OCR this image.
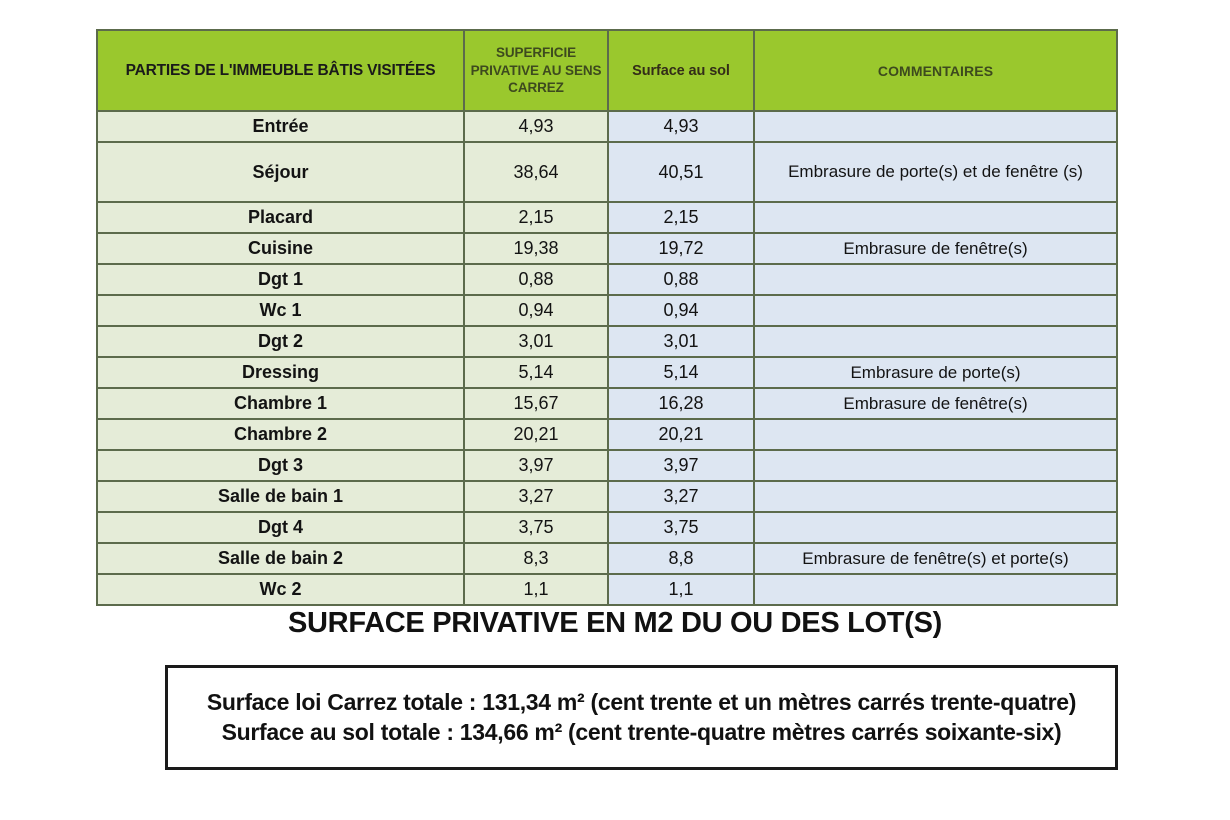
PARTIES DE L'IMMEUBLE BÂTIS VISITÉES	SUPERFICIE PRIVATIVE AU SENS CARREZ	Surface au sol	COMMENTAIRES
Entrée	4,93	4,93	
Séjour	38,64	40,51	Embrasure de porte(s) et de fenêtre (s)
Placard	2,15	2,15	
Cuisine	19,38	19,72	Embrasure de fenêtre(s)
Dgt 1	0,88	0,88	
Wc 1	0,94	0,94	
Dgt 2	3,01	3,01	
Dressing	5,14	5,14	Embrasure de porte(s)
Chambre 1	15,67	16,28	Embrasure de fenêtre(s)
Chambre 2	20,21	20,21	
Dgt 3	3,97	3,97	
Salle de bain 1	3,27	3,27	
Dgt 4	3,75	3,75	
Salle de bain 2	8,3	8,8	Embrasure de fenêtre(s) et porte(s)
Wc 2	1,1	1,1	
SURFACE PRIVATIVE EN M2 DU OU DES LOT(S)
Surface loi Carrez totale : 131,34 m² (cent trente et un mètres carrés trente-quatre)
Surface au sol totale : 134,66 m² (cent trente-quatre mètres carrés soixante-six)
